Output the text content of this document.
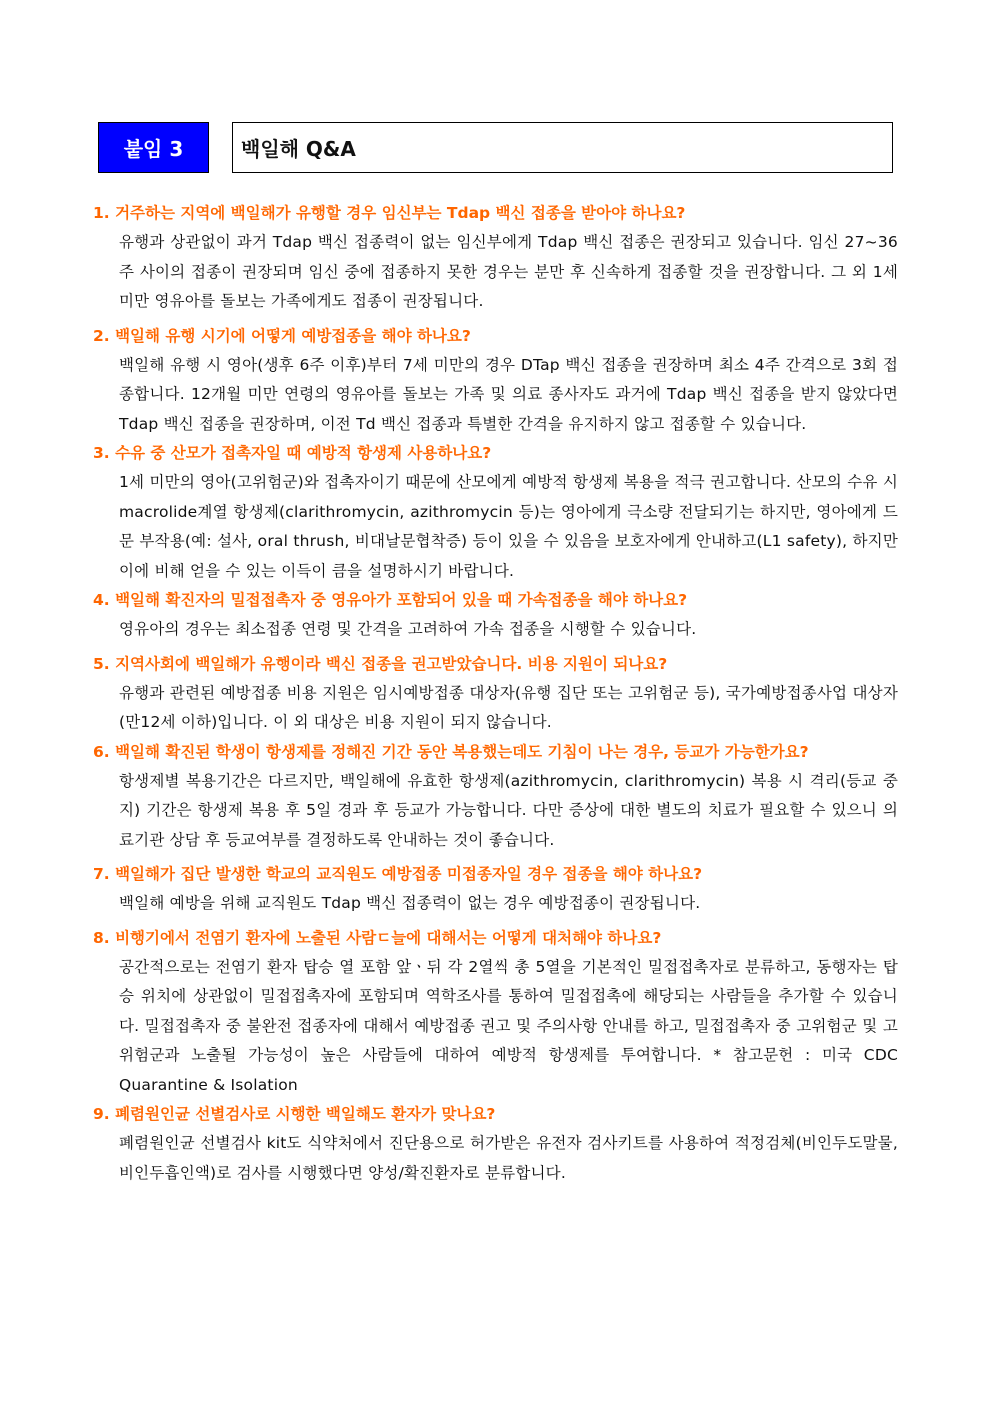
붙임 3	백일해 Q&A

1. 거주하는 지역에 백일해가 유행할 경우 임신부는 Tdap 백신 접종을 받아야 하나요?

유행과 상관없이 과거 Tdap 백신 접종력이 없는 임신부에게 Tdap 백신 접종은 권장되고 있습니다. 임신 27~36주 사이의 접종이 권장되며 임신 중에 접종하지 못한 경우는 분만 후 신속하게 접종할 것을 권장합니다. 그 외 1세 미만 영유아를 돌보는 가족에게도 접종이 권장됩니다.

2. 백일해 유행 시기에 어떻게 예방접종을 해야 하나요?

백일해 유행 시 영아(생후 6주 이후)부터 7세 미만의 경우 DTap 백신 접종을 권장하며 최소 4주 간격으로 3회 접종합니다. 12개월 미만 연령의 영유아를 돌보는 가족 및 의료 종사자도 과거에 Tdap 백신 접종을 받지 않았다면 Tdap 백신 접종을 권장하며, 이전 Td 백신 접종과 특별한 간격을 유지하지 않고 접종할 수 있습니다.

3. 수유 중 산모가 접촉자일 때 예방적 항생제 사용하나요?

1세 미만의 영아(고위험군)와 접촉자이기 때문에 산모에게 예방적 항생제 복용을 적극 권고합니다. 산모의 수유 시 macrolide계열 항생제(clarithromycin, azithromycin 등)는 영아에게 극소량 전달되기는 하지만, 영아에게 드문 부작용(예: 설사, oral thrush, 비대날문협착증) 등이 있을 수 있음을 보호자에게 안내하고(L1 safety), 하지만 이에 비해 얻을 수 있는 이득이 큼을 설명하시기 바랍니다.

4. 백일해 확진자의 밀접접촉자 중 영유아가 포함되어 있을 때 가속접종을 해야 하나요?

영유아의 경우는 최소접종 연령 및 간격을 고려하여 가속 접종을 시행할 수 있습니다.

5. 지역사회에 백일해가 유행이라 백신 접종을 권고받았습니다. 비용 지원이 되나요?

유행과 관련된 예방접종 비용 지원은 임시예방접종 대상자(유행 집단 또는 고위험군 등), 국가예방접종사업 대상자(만12세 이하)입니다. 이 외 대상은 비용 지원이 되지 않습니다.

6. 백일해 확진된 학생이 항생제를 정해진 기간 동안 복용했는데도 기침이 나는 경우, 등교가 가능한가요?

항생제별 복용기간은 다르지만, 백일해에 유효한 항생제(azithromycin, clarithromycin) 복용 시 격리(등교 중지) 기간은 항생제 복용 후 5일 경과 후 등교가 가능합니다. 다만 증상에 대한 별도의 치료가 필요할 수 있으니 의료기관 상담 후 등교여부를 결정하도록 안내하는 것이 좋습니다.

7. 백일해가 집단 발생한 학교의 교직원도 예방접종 미접종자일 경우 접종을 해야 하나요?

백일해 예방을 위해 교직원도 Tdap 백신 접종력이 없는 경우 예방접종이 권장됩니다.

8. 비행기에서 전염기 환자에 노출된 사람ㄷ늘에 대해서는 어떻게 대처해야 하나요?

공간적으로는 전염기 환자 탑승 열 포함 앞ㆍ뒤 각 2열씩 총 5열을 기본적인 밀접접촉자로 분류하고, 동행자는 탑승 위치에 상관없이 밀접접촉자에 포함되며 역학조사를 통하여 밀접접촉에 해당되는 사람들을 추가할 수 있습니다. 밀접접촉자 중 불완전 접종자에 대해서 예방접종 권고 및 주의사항 안내를 하고, 밀접접촉자 중 고위험군 및 고위험군과 노출될 가능성이 높은 사람들에 대하여 예방적 항생제를 투여합니다. * 참고문헌 : 미국 CDC Quarantine & Isolation

9. 폐렴원인균 선별검사로 시행한 백일해도 환자가 맞나요?

폐렴원인균 선별검사 kit도 식약처에서 진단용으로 허가받은 유전자 검사키트를 사용하여 적정검체(비인두도말물, 비인두흡인액)로 검사를 시행했다면 양성/확진환자로 분류합니다.
